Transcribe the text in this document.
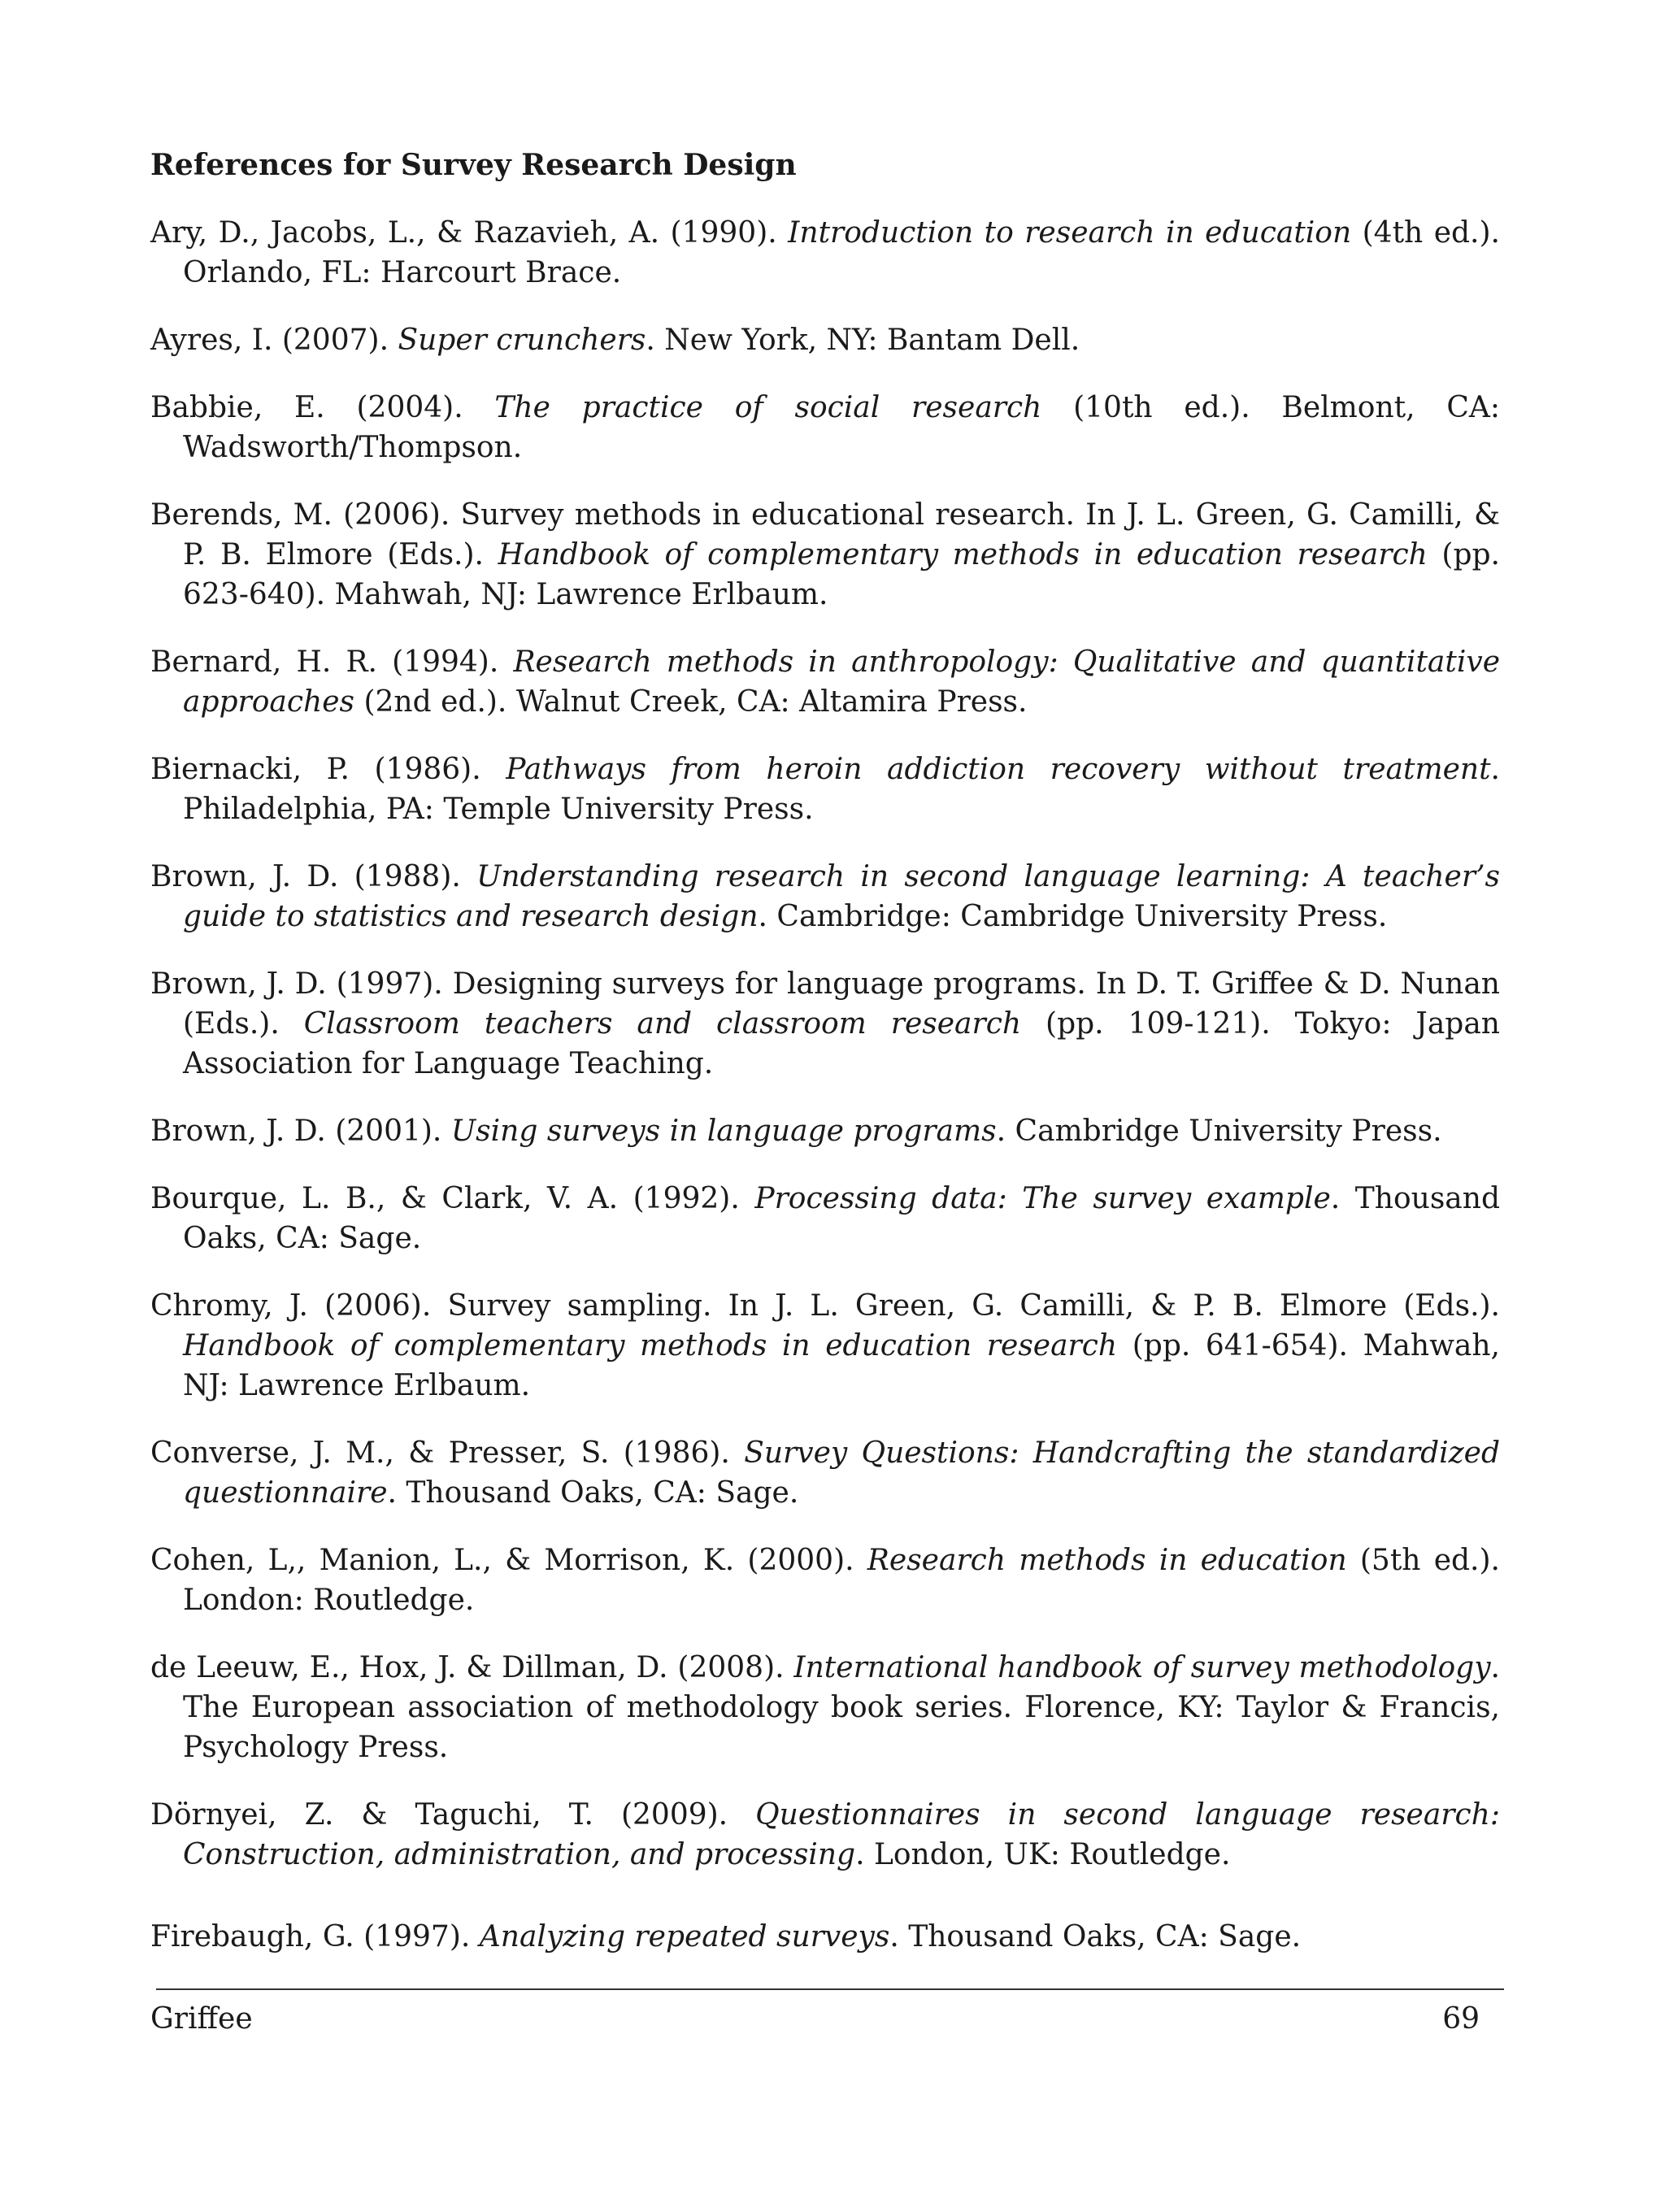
References for Survey Research Design
Ary, D., Jacobs, L., & Razavieh, A. (1990). Introduction to research in education (4th ed.). Orlando, FL: Harcourt Brace.
Ayres, I. (2007). Super crunchers. New York, NY: Bantam Dell.
Babbie, E. (2004). The practice of social research (10th ed.). Belmont, CA: Wadsworth/Thompson.
Berends, M. (2006). Survey methods in educational research. In J. L. Green, G. Camilli, & P. B. Elmore (Eds.). Handbook of complementary methods in education research (pp. 623-640). Mahwah, NJ: Lawrence Erlbaum.
Bernard, H. R. (1994). Research methods in anthropology: Qualitative and quantitative approaches (2nd ed.). Walnut Creek, CA: Altamira Press.
Biernacki, P. (1986). Pathways from heroin addiction recovery without treatment. Philadelphia, PA: Temple University Press.
Brown, J. D. (1988). Understanding research in second language learning: A teacher’s guide to statistics and research design. Cambridge: Cambridge University Press.
Brown, J. D. (1997). Designing surveys for language programs. In D. T. Griffee & D. Nunan (Eds.). Classroom teachers and classroom research (pp. 109-121). Tokyo: Japan Association for Language Teaching.
Brown, J. D. (2001). Using surveys in language programs. Cambridge University Press.
Bourque, L. B., & Clark, V. A. (1992). Processing data: The survey example. Thousand Oaks, CA: Sage.
Chromy, J. (2006). Survey sampling. In J. L. Green, G. Camilli, & P. B. Elmore (Eds.). Handbook of complementary methods in education research (pp. 641-654). Mahwah, NJ: Lawrence Erlbaum.
Converse, J. M., & Presser, S. (1986). Survey Questions: Handcrafting the standardized questionnaire. Thousand Oaks, CA: Sage.
Cohen, L,, Manion, L., & Morrison, K. (2000). Research methods in education (5th ed.). London: Routledge.
de Leeuw, E., Hox, J. & Dillman, D. (2008). International handbook of survey methodology. The European association of methodology book series. Florence, KY: Taylor & Francis, Psychology Press.
Dörnyei, Z. & Taguchi, T. (2009). Questionnaires in second language research: Construction, administration, and processing. London, UK: Routledge.
Firebaugh, G. (1997). Analyzing repeated surveys. Thousand Oaks, CA: Sage.
Griffee	69
